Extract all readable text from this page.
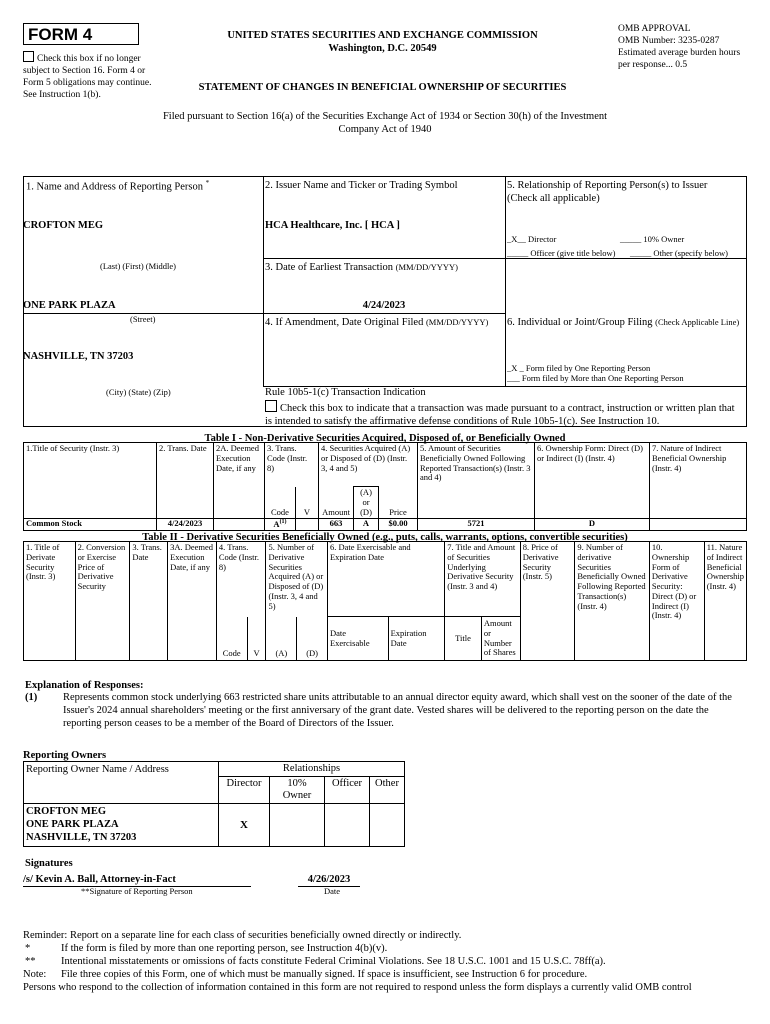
FORM 4
Check this box if no longer subject to Section 16. Form 4 or Form 5 obligations may continue. See Instruction 1(b).
UNITED STATES SECURITIES AND EXCHANGE COMMISSION
Washington, D.C. 20549
STATEMENT OF CHANGES IN BENEFICIAL OWNERSHIP OF SECURITIES
OMB APPROVAL
OMB Number: 3235-0287
Estimated average burden hours per response... 0.5
Filed pursuant to Section 16(a) of the Securities Exchange Act of 1934 or Section 30(h) of the Investment Company Act of 1940
1. Name and Address of Reporting Person *
CROFTON MEG
(Last) (First) (Middle)
ONE PARK PLAZA
(Street)
NASHVILLE, TN 37203
(City) (State) (Zip)
2. Issuer Name and Ticker or Trading Symbol
HCA Healthcare, Inc. [ HCA ]
3. Date of Earliest Transaction (MM/DD/YYYY)
4/24/2023
4. If Amendment, Date Original Filed (MM/DD/YYYY)
5. Relationship of Reporting Person(s) to Issuer
(Check all applicable)
_X__ Director	_____ 10% Owner
_____ Officer (give title below) _____ Other (specify below)
6. Individual or Joint/Group Filing (Check Applicable Line)
_X _ Form filed by One Reporting Person
___ Form filed by More than One Reporting Person
Rule 10b5-1(c) Transaction Indication
Check this box to indicate that a transaction was made pursuant to a contract, instruction or written plan that is intended to satisfy the affirmative defense conditions of Rule 10b5-1(c). See Instruction 10.
Table I - Non-Derivative Securities Acquired, Disposed of, or Beneficially Owned
1.Title of Security (Instr. 3)	2. Trans. Date	2A. Deemed Execution Date, if any	3. Trans. Code (Instr. 8)		4. Securities Acquired (A) or Disposed of (D) (Instr. 3, 4 and 5)			5. Amount of Securities Beneficially Owned Following Reported Transaction(s) (Instr. 3 and 4)	6. Ownership Form: Direct (D) or Indirect (I) (Instr. 4)	7. Nature of Indirect Beneficial Ownership (Instr. 4)
			Code	V	Amount	(A) or (D)	Price			
Common Stock	4/24/2023		$A^{(1)}$		663	A	$0.00	5721	D	
Table II - Derivative Securities Beneficially Owned (e.g., puts, calls, warrants, options, convertible securities)
1. Title of Derivate Security (Instr. 3)	2. Conversion or Exercise Price of Derivative Security	3. Trans. Date	3A. Deemed Execution Date, if any	4. Trans. Code (Instr. 8)		5. Number of Derivative Securities Acquired (A) or Disposed of (D) (Instr. 3, 4 and 5)		6. Date Exercisable and Expiration Date		7. Title and Amount of Securities Underlying Derivative Security (Instr. 3 and 4)		8. Price of Derivative Security (Instr. 5)	9. Number of derivative Securities Beneficially Owned Following Reported Transaction(s) (Instr. 4)	10. Ownership Form of Derivative Security: Direct (D) or Indirect (I) (Instr. 4)	11. Nature of Indirect Beneficial Ownership (Instr. 4)
				Code	V	(A)	(D)	Date Exercisable	Expiration Date	Title	Amount or Number of Shares				
Explanation of Responses:
(1) Represents common stock underlying 663 restricted share units attributable to an annual director equity award, which shall vest on the sooner of the date of the Issuer's 2024 annual shareholders' meeting or the first anniversary of the grant date. Vested shares will be delivered to the reporting person on the date the reporting person ceases to be a member of the Board of Directors of the Issuer.
Reporting Owners
Reporting Owner Name / Address	Relationships			
	Director	10% Owner	Officer	Other

CROFTON MEG
ONE PARK PLAZA
NASHVILLE, TN 37203	X			
Signatures
/s/ Kevin A. Ball, Attorney-in-Fact
**Signature of Reporting Person
4/26/2023
Date
Reminder: Report on a separate line for each class of securities beneficially owned directly or indirectly.
*	If the form is filed by more than one reporting person, see Instruction 4(b)(v).
** Intentional misstatements or omissions of facts constitute Federal Criminal Violations. See 18 U.S.C. 1001 and 15 U.S.C. 78ff(a).
Note: File three copies of this Form, one of which must be manually signed. If space is insufficient, see Instruction 6 for procedure.
Persons who respond to the collection of information contained in this form are not required to respond unless the form displays a currently valid OMB control
